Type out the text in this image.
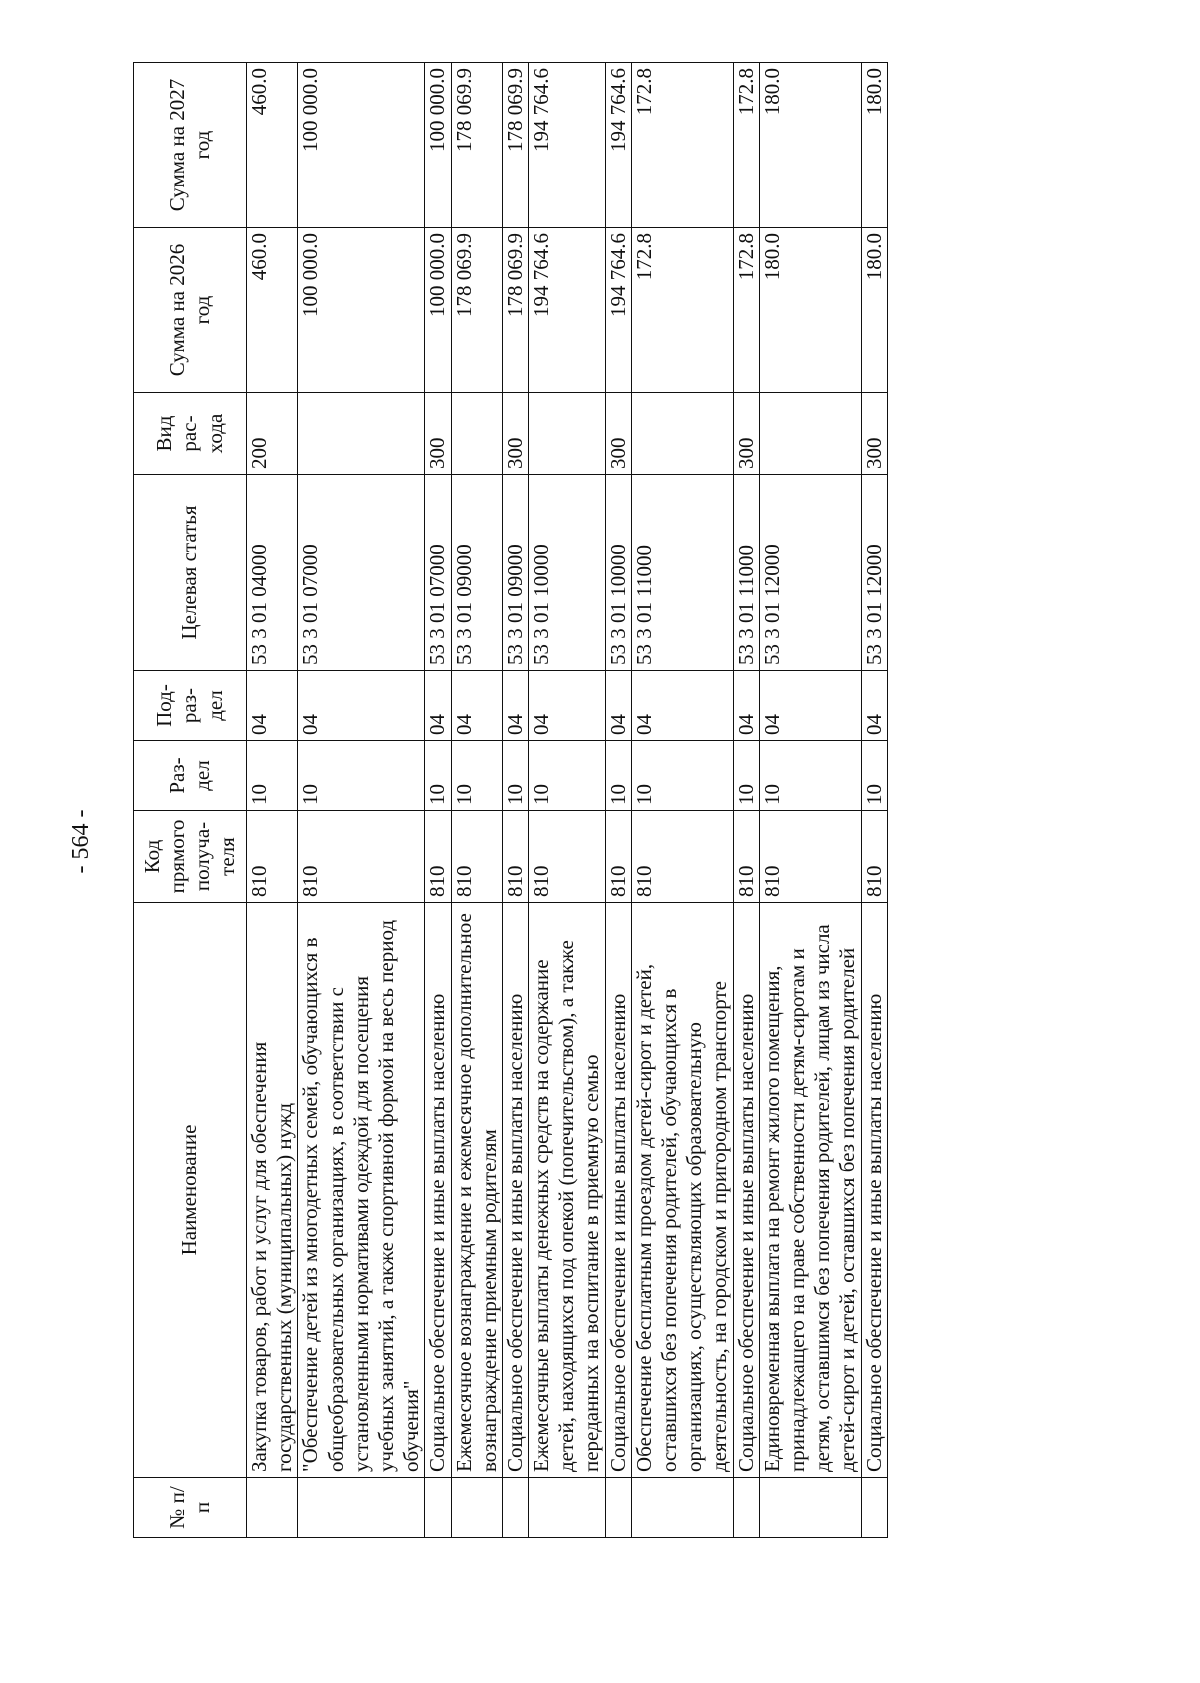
- 564 -
№ п/п	Наименование	Код прямого получа-теля	Раз-дел	Под-раз-дел	Целевая статья	Вид рас-хода	Сумма на 2026 год	Сумма на 2027 год
	Закупка товаров, работ и услуг для обеспечения государственных (муниципальных) нужд	810	10	04	53 3 01 04000	200	460.0	460.0
	"Обеспечение детей из многодетных семей, обучающихся в общеобразовательных организациях, в соответствии с установленными нормативами одеждой для посещения учебных занятий, а также спортивной формой на весь период обучения"	810	10	04	53 3 01 07000		100 000.0	100 000.0
	Социальное обеспечение и иные выплаты населению	810	10	04	53 3 01 07000	300	100 000.0	100 000.0
	Ежемесячное вознаграждение и ежемесячное дополнительное вознаграждение приемным родителям	810	10	04	53 3 01 09000		178 069.9	178 069.9
	Социальное обеспечение и иные выплаты населению	810	10	04	53 3 01 09000	300	178 069.9	178 069.9
	Ежемесячные выплаты денежных средств на содержание детей, находящихся под опекой (попечительством), а также переданных на воспитание в приемную семью	810	10	04	53 3 01 10000		194 764.6	194 764.6
	Социальное обеспечение и иные выплаты населению	810	10	04	53 3 01 10000	300	194 764.6	194 764.6
	Обеспечение бесплатным проездом детей-сирот и детей, оставшихся без попечения родителей, обучающихся в организациях, осуществляющих образовательную деятельность, на городском и пригородном транспорте	810	10	04	53 3 01 11000		172.8	172.8
	Социальное обеспечение и иные выплаты населению	810	10	04	53 3 01 11000	300	172.8	172.8
	Единовременная выплата на ремонт жилого помещения, принадлежащего на праве собственности детям-сиротам и детям, оставшимся без попечения родителей, лицам из числа детей-сирот и детей, оставшихся без попечения родителей	810	10	04	53 3 01 12000		180.0	180.0
	Социальное обеспечение и иные выплаты населению	810	10	04	53 3 01 12000	300	180.0	180.0
